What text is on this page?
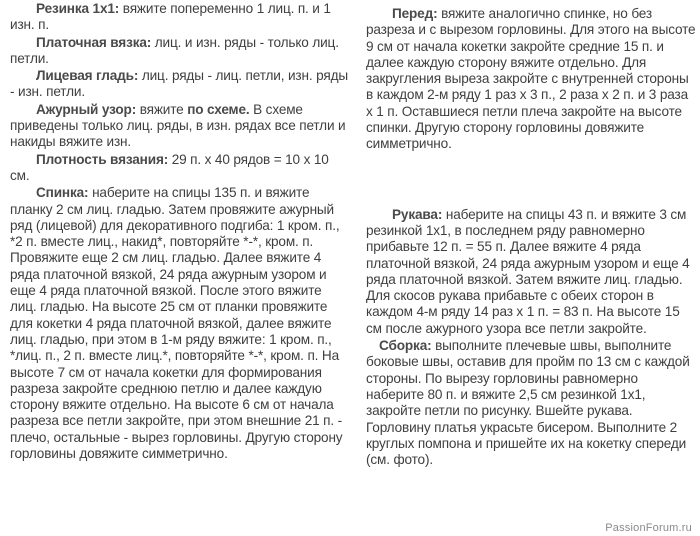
Резинка 1х1: вяжите попеременно 1 лиц. п. и 1 изн. п.

Платочная вязка: лиц. и изн. ряды - только лиц. петли.

Лицевая гладь: лиц. ряды - лиц. петли, изн. ряды - изн. петли.

Ажурный узор: вяжите по схеме. В схеме приведены только лиц. ряды, в изн. рядах все петли и накиды вяжите изн.

Плотность вязания: 29 п. х 40 рядов = 10 х 10 см.

Спинка: наберите на спицы 135 п. и вяжите планку 2 см лиц. гладью. Затем провяжите ажурный ряд (лицевой) для декоративного подгиба: 1 кром. п., *2 п. вместе лиц., накид*, повторяйте *-*, кром. п. Провяжите еще 2 см лиц. гладью. Далее вяжите 4 ряда платочной вязкой, 24 ряда ажурным узором и еще 4 ряда платочной вязкой. После этого вяжите лиц. гладью. На высоте 25 см от планки провяжите для кокетки 4 ряда платочной вязкой, далее вяжите лиц. гладью, при этом в 1-м ряду вяжите: 1 кром. п., *лиц. п., 2 п. вместе лиц.*, повторяйте *-*, кром. п. На высоте 7 см от начала кокетки для формирования разреза закройте среднюю петлю и далее каждую сторону вяжите отдельно. На высоте 6 см от начала разреза все петли закройте, при этом внешние 21 п. - плечо, остальные - вырез горловины. Другую сторону горловины довяжите симметрично.

Перед: вяжите аналогично спинке, но без разреза и с вырезом горловины. Для этого на высоте 9 см от начала кокетки закройте средние 15 п. и далее каждую сторону вяжите отдельно. Для закругления выреза закройте с внутренней стороны в каждом 2-м ряду 1 раз х 3 п., 2 раза х 2 п. и 3 раза х 1 п. Оставшиеся петли плеча закройте на высоте спинки. Другую сторону горловины довяжите симметрично.

Рукава: наберите на спицы 43 п. и вяжите 3 см резинкой 1х1, в последнем ряду равномерно прибавьте 12 п. = 55 п. Далее вяжите 4 ряда платочной вязкой, 24 ряда ажурным узором и еще 4 ряда платочной вязкой. Затем вяжите лиц. гладью. Для скосов рукава прибавьте с обеих сторон в каждом 4-м ряду 14 раз х 1 п. = 83 п. На высоте 15 см после ажурного узора все петли закройте.

Сборка: выполните плечевые швы, выполните боковые швы, оставив для пройм по 13 см с каждой стороны. По вырезу горловины равномерно наберите 80 п. и вяжите 2,5 см резинкой 1х1, закройте петли по рисунку. Вшейте рукава. Горловину платья украсьте бисером. Выполните 2 круглых помпона и пришейте их на кокетку спереди (см. фото).

PassionForum.ru
